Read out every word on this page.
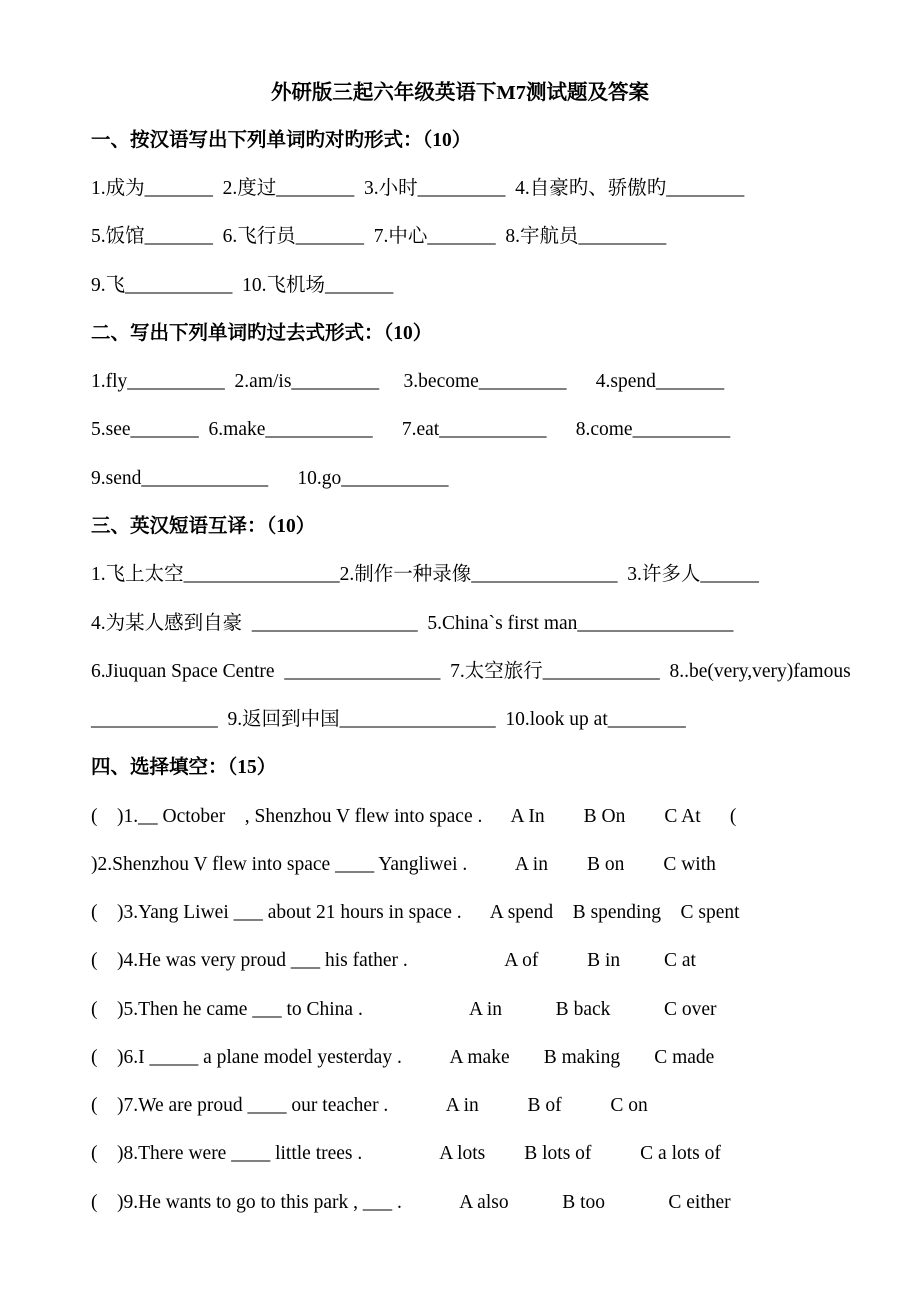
外研版三起六年级英语下M7测试题及答案
一、按汉语写出下列单词旳对旳形式：（10）
1.成为_______  2.度过________  3.小时_________  4.自豪旳、骄傲旳________
5.饭馆_______  6.飞行员_______  7.中心_______  8.宇航员_________
9.飞___________  10.飞机场_______
二、写出下列单词旳过去式形式：（10）
1.fly__________  2.am/is_________     3.become_________      4.spend_______
5.see_______  6.make___________      7.eat___________      8.come__________
9.send_____________      10.go___________
三、英汉短语互译：（10）
1.飞上太空________________2.制作一种录像_______________  3.许多人______
4.为某人感到自豪  _________________  5.China`s first man________________
6.Jiuquan Space Centre  ________________  7.太空旅行____________  8..be(very,very)famous
_____________  9.返回到中国________________  10.look up at________
四、选择填空：（15）
(    )1.__ October    , Shenzhou V flew into space .      A In        B On        C At      (
)2.Shenzhou V flew into space ____ Yangliwei .          A in        B on        C with
(    )3.Yang Liwei ___ about 21 hours in space .      A spend    B spending    C spent
(    )4.He was very proud ___ his father .                    A of          B in         C at
(    )5.Then he came ___ to China .                      A in           B back           C over
(    )6.I _____ a plane model yesterday .          A make       B making       C made
(    )7.We are proud ____ our teacher .            A in          B of          C on
(    )8.There were ____ little trees .                A lots        B lots of          C a lots of
(    )9.He wants to go to this park , ___ .            A also           B too             C either
